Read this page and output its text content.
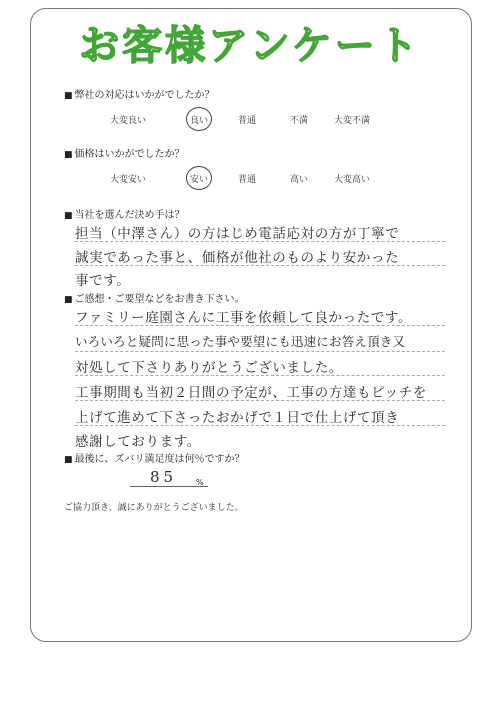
お客様アンケート
■ 弊社の対応はいかがでしたか？
大変良い	良い	普通	不満	大変不満
■ 価格はいかがでしたか？
大変安い	安い	普通	高い	大変高い
■ 当社を選んだ決め手は？
担当（中澤さん）の方はじめ電話応対の方が丁寧で
誠実であった事と、価格が他社のものより安かった
事です。
■ ご感想・ご要望などをお書き下さい。
ファミリー庭園さんに工事を依頼して良かったです。
いろいろと疑問に思った事や要望にも迅速にお答え頂き又
対処して下さりありがとうございました。
工事期間も当初２日間の予定が、工事の方達もピッチを
上げて進めて下さったおかげで１日で仕上げて頂き
感謝しております。
■ 最後に、ズバリ満足度は何％ですか？
85 %
ご協力頂き、誠にありがとうございました。
